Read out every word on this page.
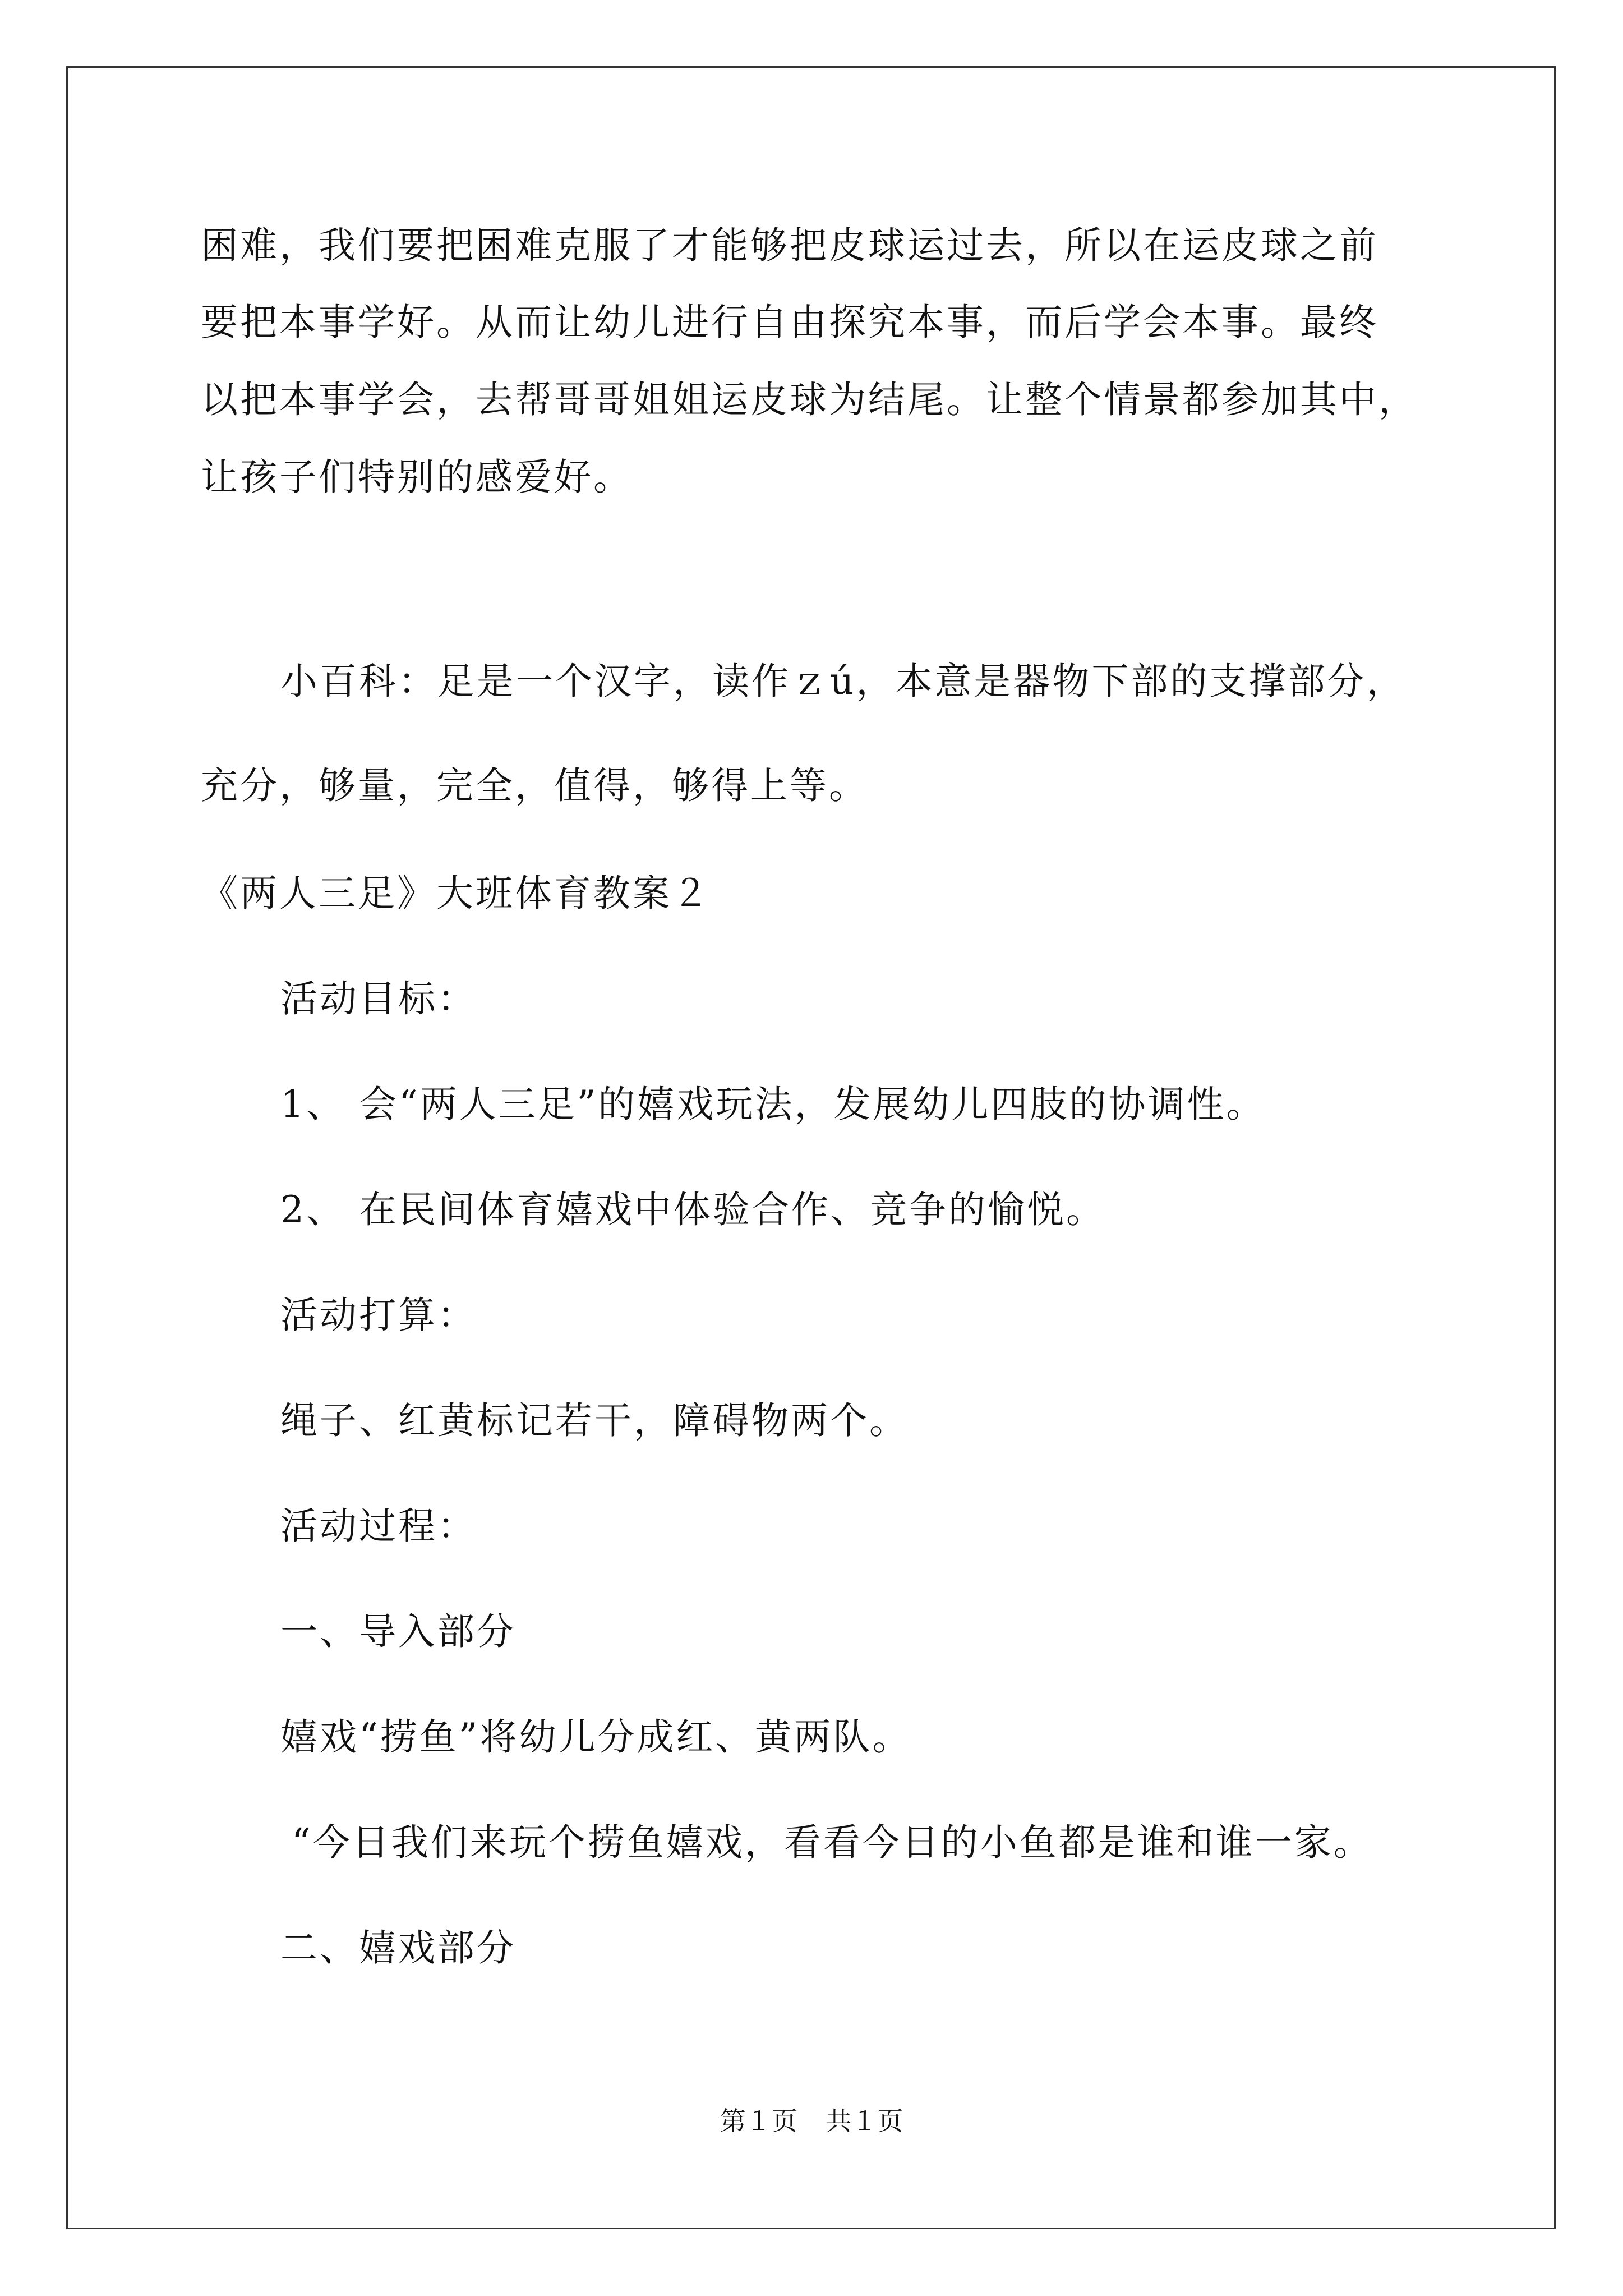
困难，我们要把困难克服了才能够把皮球运过去，所以在运皮球之前
要把本事学好。从而让幼儿进行自由探究本事，而后学会本事。最终
以把本事学会，去帮哥哥姐姐运皮球为结尾。让整个情景都参加其中，
让孩子们特别的感爱好。
小百科：足是一个汉字，读作ｚú，本意是器物下部的支撑部分，
充分，够量，完全，值得，够得上等。
《两人三足》大班体育教案２
活动目标：
1、 会“两人三足”的嬉戏玩法，发展幼儿四肢的协调性。
2、 在民间体育嬉戏中体验合作、竞争的愉悦。
活动打算：
绳子、红黄标记若干，障碍物两个。
活动过程：
一、导入部分
嬉戏“捞鱼”将幼儿分成红、黄两队。
“今日我们来玩个捞鱼嬉戏，看看今日的小鱼都是谁和谁一家。
二、嬉戏部分
第１页 共１页
